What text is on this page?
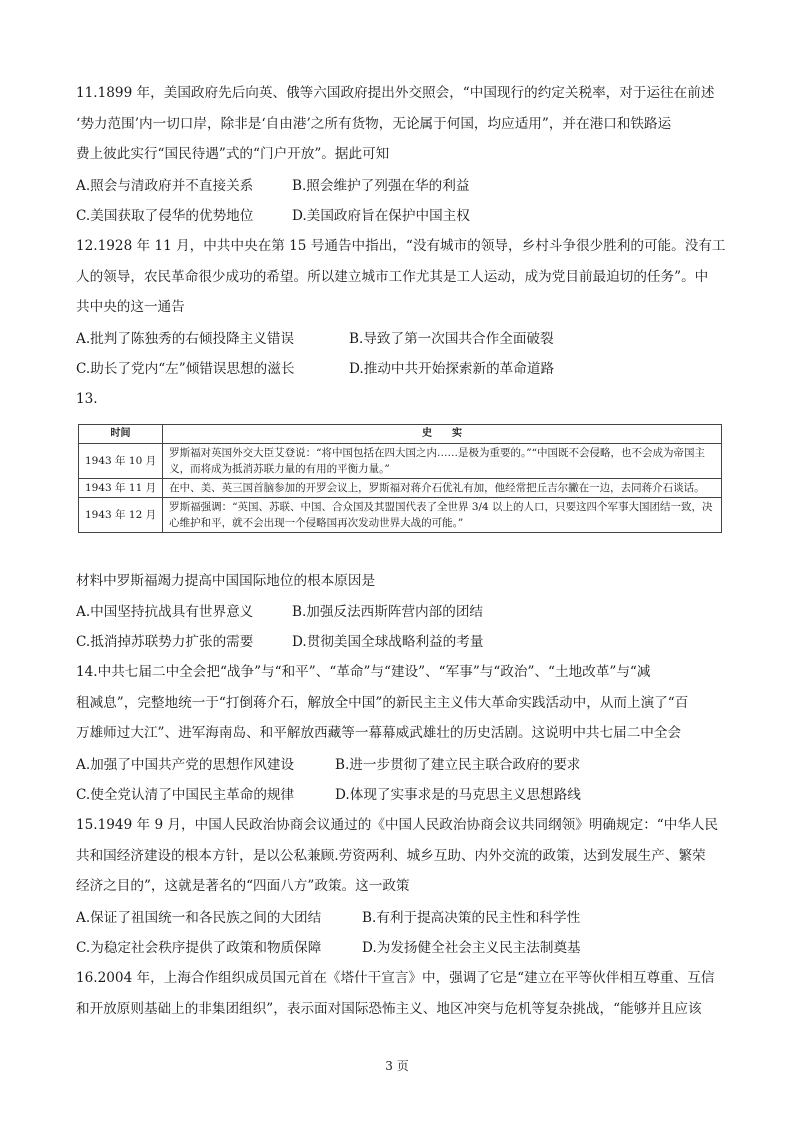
11.1899 年，美国政府先后向英、俄等六国政府提出外交照会，“中国现行的约定关税率，对于运往在前述
‘势力范围’内一切口岸，除非是‘自由港’之所有货物，无论属于何国，均应适用”，并在港口和铁路运
费上彼此实行“国民待遇”式的“门户开放”。据此可知
A.照会与清政府并不直接关系	B.照会维护了列强在华的利益
C.美国获取了侵华的优势地位	D.美国政府旨在保护中国主权
12.1928 年 11 月，中共中央在第 15 号通告中指出，“没有城市的领导，乡村斗争很少胜利的可能。没有工
人的领导，农民革命很少成功的希望。所以建立城市工作尤其是工人运动，成为党目前最迫切的任务”。中
共中央的这一通告
A.批判了陈独秀的右倾投降主义错误	B.导致了第一次国共合作全面破裂
C.助长了党内“左”倾错误思想的滋长	D.推动中共开始探索新的革命道路
13.
时间	史　　实
1943 年 10 月	罗斯福对英国外交大臣艾登说：“将中国包括在四大国之内……是极为重要的。”“中国既不会侵略，也不会成为帝国主义，而将成为抵消苏联力量的有用的平衡力量。”
1943 年 11 月	在中、美、英三国首脑参加的开罗会议上，罗斯福对蒋介石优礼有加，他经常把丘吉尔撇在一边，去同蒋介石谈话。
1943 年 12 月	罗斯福强调：“英国、苏联、中国、合众国及其盟国代表了全世界 3/4 以上的人口，只要这四个军事大国团结一致，决心维护和平，就不会出现一个侵略国再次发动世界大战的可能。”
材料中罗斯福竭力提高中国国际地位的根本原因是
A.中国坚持抗战具有世界意义	B.加强反法西斯阵营内部的团结
C.抵消掉苏联势力扩张的需要	D.贯彻美国全球战略利益的考量
14.中共七届二中全会把“战争”与“和平”、“革命”与“建设”、“军事”与“政治”、“土地改革”与“减
租减息”，完整地统一于“打倒蒋介石，解放全中国”的新民主主义伟大革命实践活动中，从而上演了“百
万雄师过大江”、进军海南岛、和平解放西藏等一幕幕威武雄壮的历史活剧。这说明中共七届二中全会
A.加强了中国共产党的思想作风建设	B.进一步贯彻了建立民主联合政府的要求
C.使全党认清了中国民主革命的规律	D.体现了实事求是的马克思主义思想路线
15.1949 年 9 月，中国人民政治协商会议通过的《中国人民政治协商会议共同纲领》明确规定：“中华人民
共和国经济建设的根本方针，是以公私兼顾.劳资两利、城乡互助、内外交流的政策，达到发展生产、繁荣
经济之目的”，这就是著名的“四面八方”政策。这一政策
A.保证了祖国统一和各民族之间的大团结	B.有利于提高决策的民主性和科学性
C.为稳定社会秩序提供了政策和物质保障	D.为发扬健全社会主义民主法制奠基
16.2004 年，上海合作组织成员国元首在《塔什干宣言》中，强调了它是“建立在平等伙伴相互尊重、互信
和开放原则基础上的非集团组织”，表示面对国际恐怖主义、地区冲突与危机等复杂挑战，“能够并且应该
3 页
